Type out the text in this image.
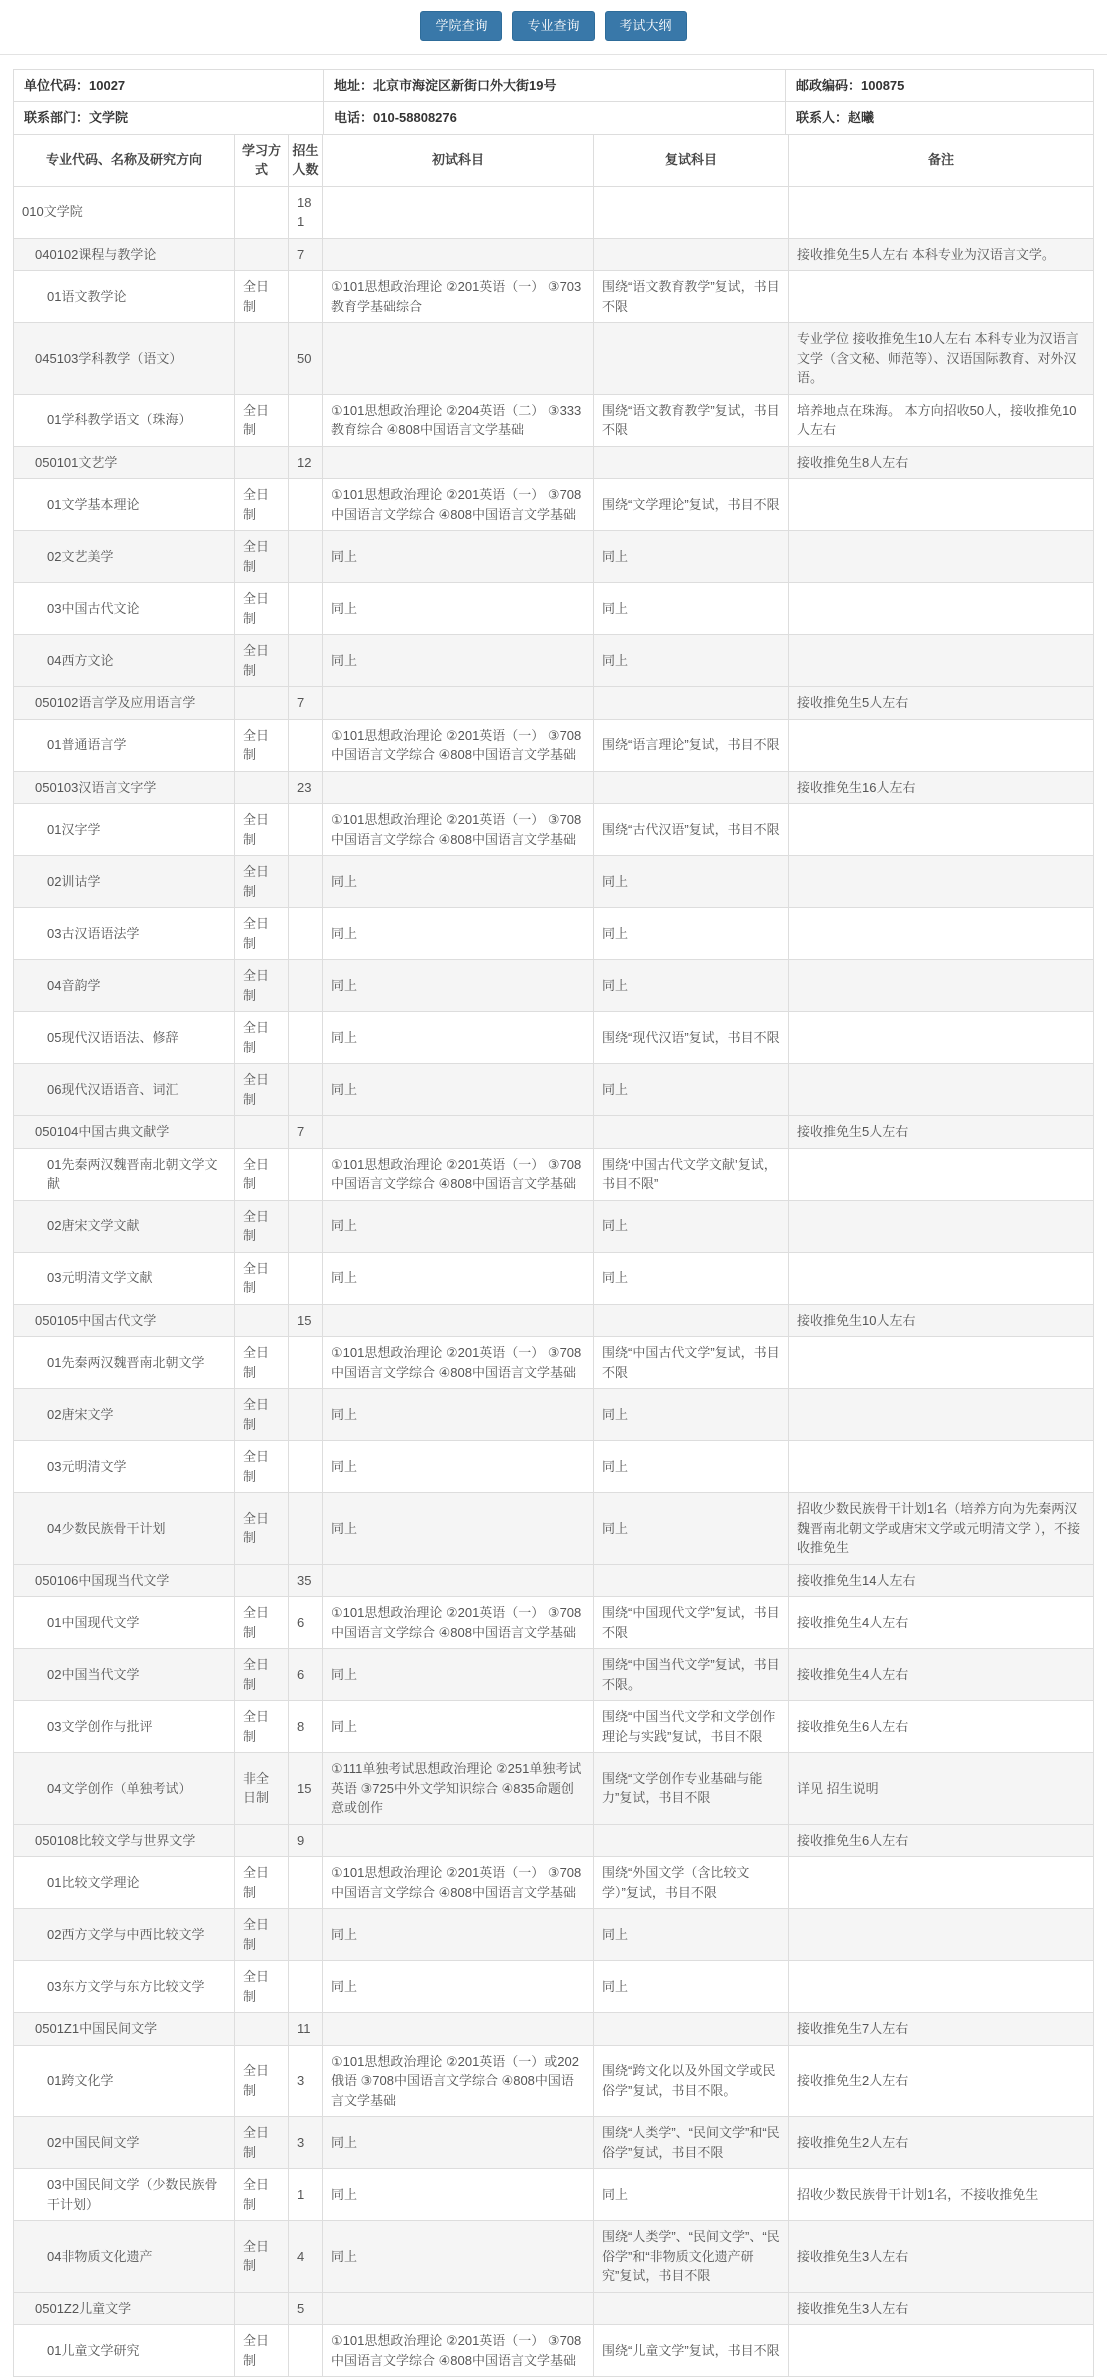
学院查询	专业查询	考试大纲
单位代码：10027	地址：北京市海淀区新街口外大街19号	邮政编码：100875
联系部门：文学院	电话：010-58808276	联系人：赵曦
专业代码、名称及研究方向	学习方式	招生人数	初试科目	复试科目	备注
010文学院		181			
040102课程与教学论		7			接收推免生5人左右 本科专业为汉语言文学。
01语文教学论	全日制		①101思想政治理论 ②201英语（一） ③703教育学基础综合	围绕“语文教育教学”复试，书目不限	
045103学科教学（语文）		50			专业学位 接收推免生10人左右 本科专业为汉语言文学（含文秘、师范等）、汉语国际教育、对外汉语。
01学科教学语文（珠海）	全日制		①101思想政治理论 ②204英语（二） ③333教育综合 ④808中国语言文学基础	围绕“语文教育教学”复试，书目不限	培养地点在珠海。 本方向招收50人，接收推免10人左右
050101文艺学		12			接收推免生8人左右
01文学基本理论	全日制		①101思想政治理论 ②201英语（一） ③708中国语言文学综合 ④808中国语言文学基础	围绕“文学理论”复试，书目不限	
02文艺美学	全日制		同上	同上	
03中国古代文论	全日制		同上	同上	
04西方文论	全日制		同上	同上	
050102语言学及应用语言学		7			接收推免生5人左右
01普通语言学	全日制		①101思想政治理论 ②201英语（一） ③708中国语言文学综合 ④808中国语言文学基础	围绕“语言理论”复试，书目不限	
050103汉语言文字学		23			接收推免生16人左右
01汉字学	全日制		①101思想政治理论 ②201英语（一） ③708中国语言文学综合 ④808中国语言文学基础	围绕“古代汉语”复试，书目不限	
02训诂学	全日制		同上	同上	
03古汉语语法学	全日制		同上	同上	
04音韵学	全日制		同上	同上	
05现代汉语语法、修辞	全日制		同上	围绕“现代汉语”复试，书目不限	
06现代汉语语音、词汇	全日制		同上	同上	
050104中国古典文献学		7			接收推免生5人左右
01先秦两汉魏晋南北朝文学文献	全日制		①101思想政治理论 ②201英语（一） ③708中国语言文学综合 ④808中国语言文学基础	围绕‘中国古代文学文献’复试，书目不限”	
02唐宋文学文献	全日制		同上	同上	
03元明清文学文献	全日制		同上	同上	
050105中国古代文学		15			接收推免生10人左右
01先秦两汉魏晋南北朝文学	全日制		①101思想政治理论 ②201英语（一） ③708中国语言文学综合 ④808中国语言文学基础	围绕“中国古代文学”复试，书目不限	
02唐宋文学	全日制		同上	同上	
03元明清文学	全日制		同上	同上	
04少数民族骨干计划	全日制		同上	同上	招收少数民族骨干计划1名（培养方向为先秦两汉魏晋南北朝文学或唐宋文学或元明清文学 ），不接收推免生
050106中国现当代文学		35			接收推免生14人左右
01中国现代文学	全日制	6	①101思想政治理论 ②201英语（一） ③708中国语言文学综合 ④808中国语言文学基础	围绕“中国现代文学”复试，书目不限	接收推免生4人左右
02中国当代文学	全日制	6	同上	围绕“中国当代文学”复试，书目不限。	接收推免生4人左右
03文学创作与批评	全日制	8	同上	围绕“中国当代文学和文学创作理论与实践”复试，书目不限	接收推免生6人左右
04文学创作（单独考试）	非全日制	15	①111单独考试思想政治理论 ②251单独考试英语 ③725中外文学知识综合 ④835命题创意或创作	围绕“文学创作专业基础与能力”复试，书目不限	详见 招生说明
050108比较文学与世界文学		9			接收推免生6人左右
01比较文学理论	全日制		①101思想政治理论 ②201英语（一） ③708中国语言文学综合 ④808中国语言文学基础	围绕“外国文学（含比较文学）”复试，书目不限	
02西方文学与中西比较文学	全日制		同上	同上	
03东方文学与东方比较文学	全日制		同上	同上	
0501Z1中国民间文学		11			接收推免生7人左右
01跨文化学	全日制	3	①101思想政治理论 ②201英语（一）或202俄语 ③708中国语言文学综合 ④808中国语言文学基础	围绕“跨文化以及外国文学或民俗学”复试，书目不限。	接收推免生2人左右
02中国民间文学	全日制	3	同上	围绕“人类学”、“民间文学”和“民俗学”复试，书目不限	接收推免生2人左右
03中国民间文学（少数民族骨干计划）	全日制	1	同上	同上	招收少数民族骨干计划1名，不接收推免生
04非物质文化遗产	全日制	4	同上	围绕“人类学”、“民间文学”、“民俗学”和“非物质文化遗产研究”复试，书目不限	接收推免生3人左右
0501Z2儿童文学		5			接收推免生3人左右
01儿童文学研究	全日制		①101思想政治理论 ②201英语（一） ③708中国语言文学综合 ④808中国语言文学基础	围绕“儿童文学”复试，书目不限	
